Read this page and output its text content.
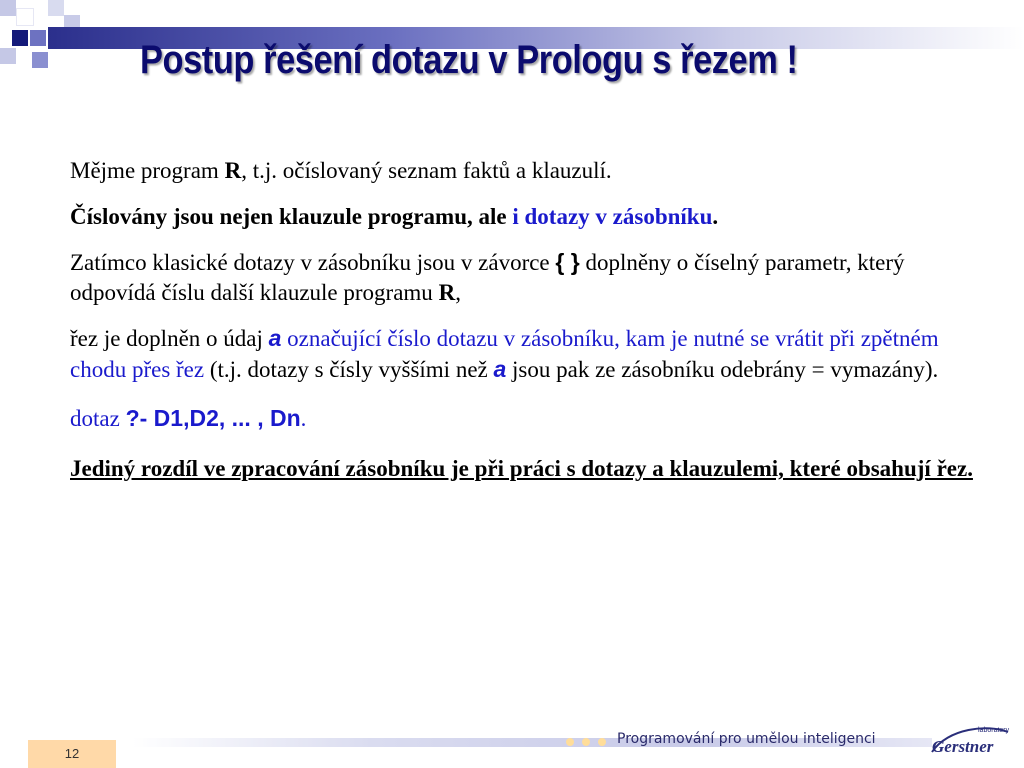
Postup řešení dotazu v Prologu s řezem !

Mějme program R, t.j. očíslovaný seznam faktů a klauzulí.

Číslovány jsou nejen klauzule programu, ale i dotazy v zásobníku.

Zatímco klasické dotazy v zásobníku jsou v závorce { } doplněny o číselný parametr, který odpovídá číslu další klauzule programu R,

řez je doplněn o údaj a označující číslo dotazu v zásobníku, kam je nutné se vrátit při zpětném chodu přes řez (t.j. dotazy s čísly vyššími než a jsou pak ze zásobníku odebrány = vymazány).

dotaz ?- D1,D2, ... , Dn.

Jediný rozdíl ve zpracování zásobníku je při práci s dotazy a klauzulemi, které obsahují řez.

12
Programování pro umělou inteligenci
laboratory
Gerstner
